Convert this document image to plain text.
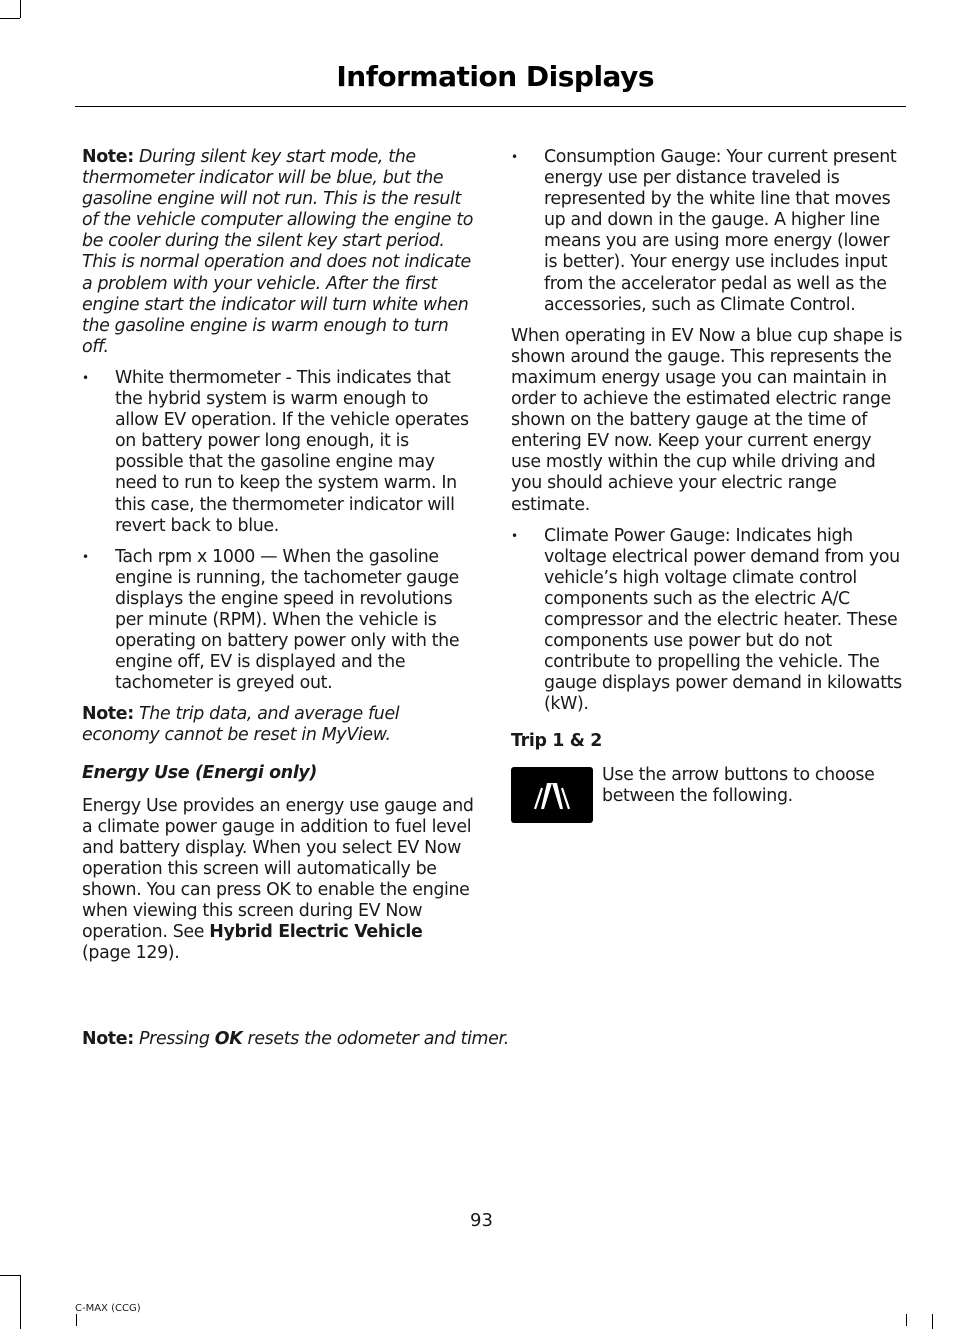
Information Displays

Note: During silent key start mode, the thermometer indicator will be blue, but the gasoline engine will not run. This is the result of the vehicle computer allowing the engine to be cooler during the silent key start period. This is normal operation and does not indicate a problem with your vehicle. After the first engine start the indicator will turn white when the gasoline engine is warm enough to turn off.

• White thermometer - This indicates that the hybrid system is warm enough to allow EV operation. If the vehicle operates on battery power long enough, it is possible that the gasoline engine may need to run to keep the system warm. In this case, the thermometer indicator will revert back to blue.
• Tach rpm x 1000 — When the gasoline engine is running, the tachometer gauge displays the engine speed in revolutions per minute (RPM). When the vehicle is operating on battery power only with the engine off, EV is displayed and the tachometer is greyed out.

Note: The trip data, and average fuel economy cannot be reset in MyView.

Energy Use (Energi only)

Energy Use provides an energy use gauge and a climate power gauge in addition to fuel level and battery display. When you select EV Now operation this screen will automatically be shown. You can press OK to enable the engine when viewing this screen during EV Now operation. See Hybrid Electric Vehicle (page 129).

• Consumption Gauge: Your current present energy use per distance traveled is represented by the white line that moves up and down in the gauge. A higher line means you are using more energy (lower is better). Your energy use includes input from the accelerator pedal as well as the accessories, such as Climate Control.

When operating in EV Now a blue cup shape is shown around the gauge. This represents the maximum energy usage you can maintain in order to achieve the estimated electric range shown on the battery gauge at the time of entering EV now. Keep your current energy use mostly within the cup while driving and you should achieve your electric range estimate.

• Climate Power Gauge: Indicates high voltage electrical power demand from you vehicle’s high voltage climate control components such as the electric A/C compressor and the electric heater. These components use power but do not contribute to propelling the vehicle. The gauge displays power demand in kilowatts (kW).
Trip 1 & 2

Use the arrow buttons to choose between the following.

Note: Pressing OK resets the odometer and timer.
93
C-MAX (CCG)
